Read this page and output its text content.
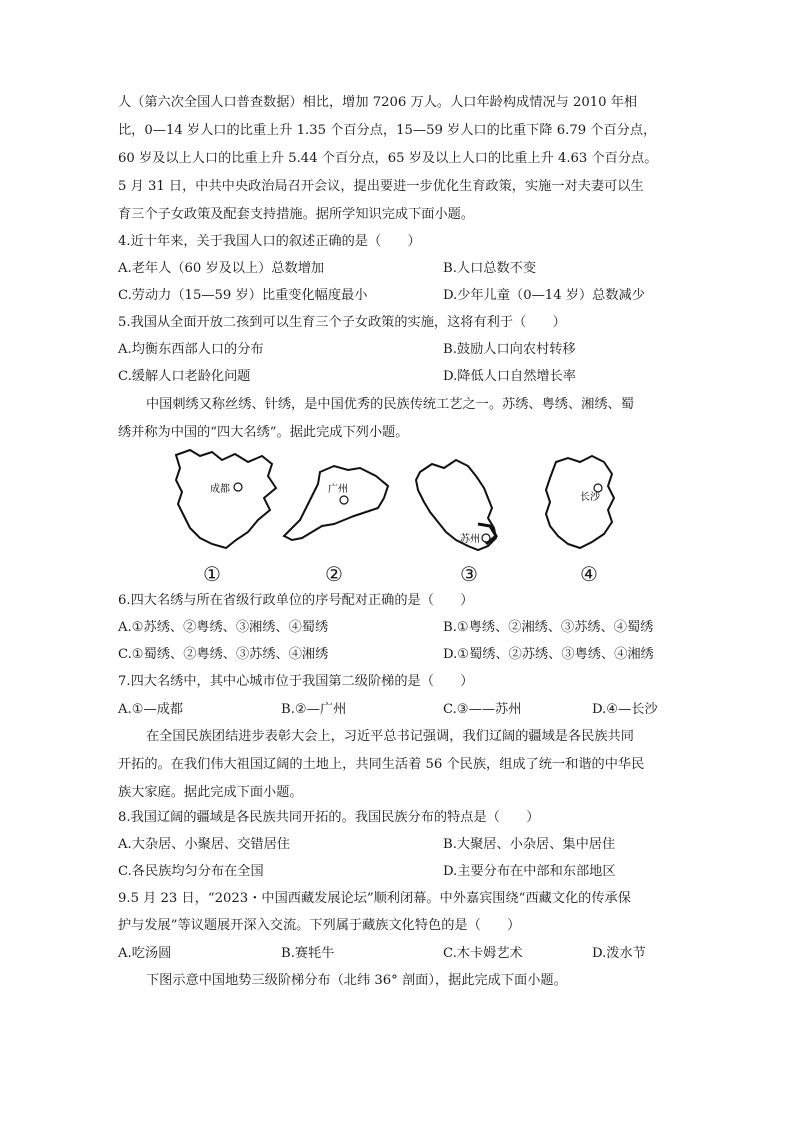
人（第六次全国人口普查数据）相比，增加 7206 万人。人口年龄构成情况与 2010 年相
比，0—14 岁人口的比重上升 1.35 个百分点，15—59 岁人口的比重下降 6.79 个百分点，
60 岁及以上人口的比重上升 5.44 个百分点，65 岁及以上人口的比重上升 4.63 个百分点。
5 月 31 日，中共中央政治局召开会议，提出要进一步优化生育政策，实施一对夫妻可以生
育三个子女政策及配套支持措施。据所学知识完成下面小题。
4.近十年来，关于我国人口的叙述正确的是（　　）
A.老年人（60 岁及以上）总数增加	B.人口总数不变
C.劳动力（15—59 岁）比重变化幅度最小	D.少年儿童（0—14 岁）总数减少
5.我国从全面开放二孩到可以生育三个子女政策的实施，这将有利于（　　）
A.均衡东西部人口的分布	B.鼓励人口向农村转移
C.缓解人口老龄化问题	D.降低人口自然增长率
中国刺绣又称丝绣、针绣，是中国优秀的民族传统工艺之一。苏绣、粤绣、湘绣、蜀
绣并称为中国的“四大名绣”。据此完成下列小题。
成都	广州
苏州
长沙
①	②	③	④
6.四大名绣与所在省级行政单位的序号配对正确的是（　　）
A.①苏绣、②粤绣、③湘绣、④蜀绣	B.①粤绣、②湘绣、③苏绣、④蜀绣
C.①蜀绣、②粤绣、③苏绣、④湘绣	D.①蜀绣、②苏绣、③粤绣、④湘绣
7.四大名绣中，其中心城市位于我国第二级阶梯的是（　　）
A.①—成都	B.②—广州	C.③——苏州	D.④—长沙
在全国民族团结进步表彰大会上，习近平总书记强调，我们辽阔的疆域是各民族共同
开拓的。在我们伟大祖国辽阔的土地上，共同生活着 56 个民族，组成了统一和谐的中华民
族大家庭。据此完成下面小题。
8.我国辽阔的疆域是各民族共同开拓的。我国民族分布的特点是（　　）
A.大杂居、小聚居、交错居住	B.大聚居、小杂居、集中居住
C.各民族均匀分布在全国	D.主要分布在中部和东部地区
9.5 月 23 日，“2023・中国西藏发展论坛”顺利闭幕。中外嘉宾围绕“西藏文化的传承保
护与发展”等议题展开深入交流。下列属于藏族文化特色的是（　　）
A.吃汤圆	B.赛牦牛	C.木卡姆艺术	D.泼水节
下图示意中国地势三级阶梯分布（北纬 36° 剖面），据此完成下面小题。
